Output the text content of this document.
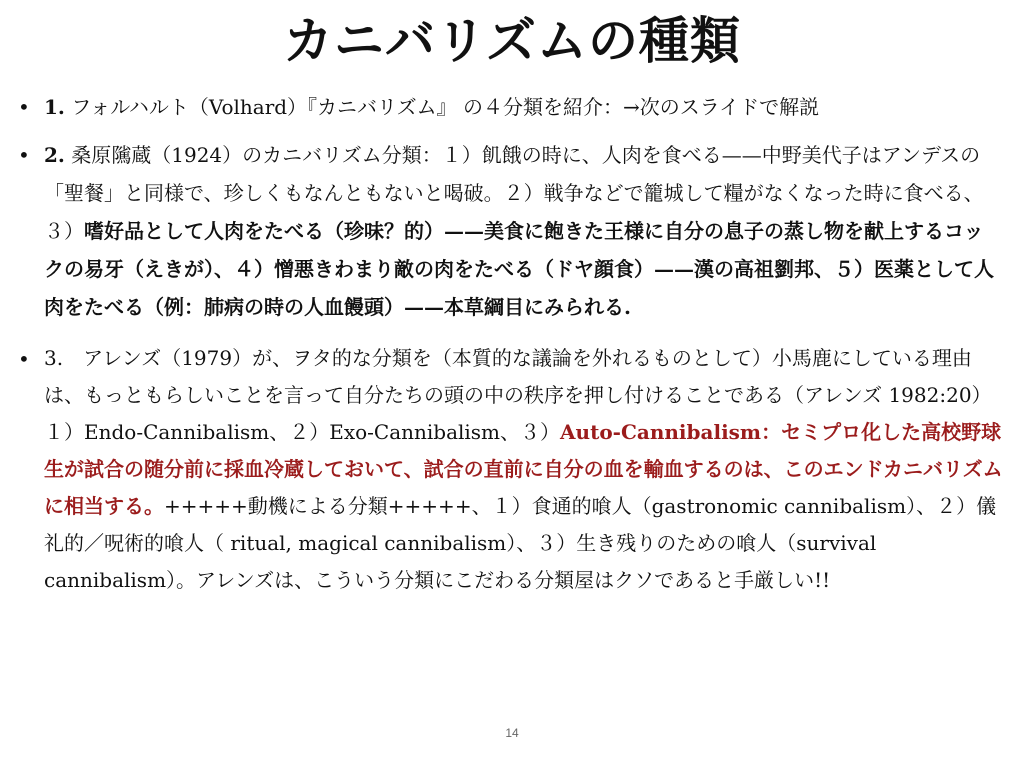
カニバリズムの種類
• 1. フォルハルト（Volhard）『カニバリズム』 の４分類を紹介：→次のスライドで解説
• 2. 桑原隲蔵（1924）のカニバリズム分類：１）飢餓の時に、人肉を食べる——中野美代子はアンデスの「聖餐」と同様で、珍しくもなんともないと喝破。２）戦争などで籠城して糧がなくなった時に食べる、３）嗜好品として人肉をたべる（珍味？的）——美食に飽きた王様に自分の息子の蒸し物を献上するコックの易牙（えきが）、４）憎悪きわまり敵の肉をたべる（ドヤ顔食）——漢の高祖劉邦、５）医薬として人肉をたべる（例：肺病の時の人血饅頭）——本草綱目にみられる.
• 3.　アレンズ（1979）が、ヲタ的な分類を（本質的な議論を外れるものとして）小馬鹿にしている理由は、もっともらしいことを言って自分たちの頭の中の秩序を押し付けることである（アレンズ 1982:20）１）Endo-Cannibalism、２）Exo-Cannibalism、３）Auto-Cannibalism：セミプロ化した高校野球生が試合の随分前に採血冷蔵しておいて、試合の直前に自分の血を輸血するのは、このエンドカニバリズムに相当する。+++++動機による分類+++++、１）食通的喰人（gastronomic cannibalism）、２）儀礼的／呪術的喰人（ ritual, magical cannibalism）、３）生き残りのための喰人（survival cannibalism）。アレンズは、こういう分類にこだわる分類屋はクソであると手厳しい!!
14
